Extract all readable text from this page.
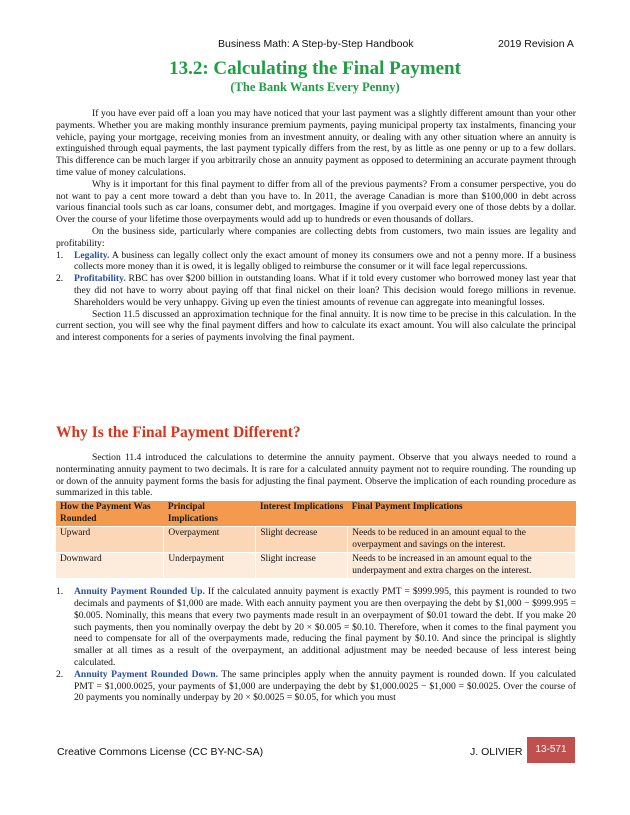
Business Math: A Step-by-Step Handbook	2019 Revision A
13.2: Calculating the Final Payment
(The Bank Wants Every Penny)

If you have ever paid off a loan you may have noticed that your last payment was a slightly different amount than your other payments. Whether you are making monthly insurance premium payments, paying municipal property tax instalments, financing your vehicle, paying your mortgage, receiving monies from an investment annuity, or dealing with any other situation where an annuity is extinguished through equal payments, the last payment typically differs from the rest, by as little as one penny or up to a few dollars. This difference can be much larger if you arbitrarily chose an annuity payment as opposed to determining an accurate payment through time value of money calculations.

Why is it important for this final payment to differ from all of the previous payments? From a consumer perspective, you do not want to pay a cent more toward a debt than you have to. In 2011, the average Canadian is more than $100,000 in debt across various financial tools such as car loans, consumer debt, and mortgages. Imagine if you overpaid every one of those debts by a dollar. Over the course of your lifetime those overpayments would add up to hundreds or even thousands of dollars.

On the business side, particularly where companies are collecting debts from customers, two main issues are legality and profitability:

1. Legality. A business can legally collect only the exact amount of money its consumers owe and not a penny more. If a business collects more money than it is owed, it is legally obliged to reimburse the consumer or it will face legal repercussions.
2. Profitability. RBC has over $200 billion in outstanding loans. What if it told every customer who borrowed money last year that they did not have to worry about paying off that final nickel on their loan? This decision would forego millions in revenue. Shareholders would be very unhappy. Giving up even the tiniest amounts of revenue can aggregate into meaningful losses.

Section 11.5 discussed an approximation technique for the final annuity. It is now time to be precise in this calculation. In the current section, you will see why the final payment differs and how to calculate its exact amount. You will also calculate the principal and interest components for a series of payments involving the final payment.

Why Is the Final Payment Different?

Section 11.4 introduced the calculations to determine the annuity payment. Observe that you always needed to round a nonterminating annuity payment to two decimals. It is rare for a calculated annuity payment not to require rounding. The rounding up or down of the annuity payment forms the basis for adjusting the final payment. Observe the implication of each rounding procedure as summarized in this table.

How the Payment Was Rounded	Principal Implications	Interest Implications	Final Payment Implications
Upward	Overpayment	Slight decrease	Needs to be reduced in an amount equal to the overpayment and savings on the interest.
Downward	Underpayment	Slight increase	Needs to be increased in an amount equal to the underpayment and extra charges on the interest.
1. Annuity Payment Rounded Up. If the calculated annuity payment is exactly PMT = $999.995, this payment is rounded to two decimals and payments of $1,000 are made. With each annuity payment you are then overpaying the debt by $1,000 − $999.995 = $0.005. Nominally, this means that every two payments made result in an overpayment of $0.01 toward the debt. If you make 20 such payments, then you nominally overpay the debt by 20 × $0.005 = $0.10. Therefore, when it comes to the final payment you need to compensate for all of the overpayments made, reducing the final payment by $0.10. And since the principal is slightly smaller at all times as a result of the overpayment, an additional adjustment may be needed because of less interest being calculated.
2. Annuity Payment Rounded Down. The same principles apply when the annuity payment is rounded down. If you calculated PMT = $1,000.0025, your payments of $1,000 are underpaying the debt by $1,000.0025 − $1,000 = $0.0025. Over the course of 20 payments you nominally underpay by 20 × $0.0025 = $0.05, for which you must
Creative Commons License (CC BY-NC-SA)	J. OLIVIER	13-571
